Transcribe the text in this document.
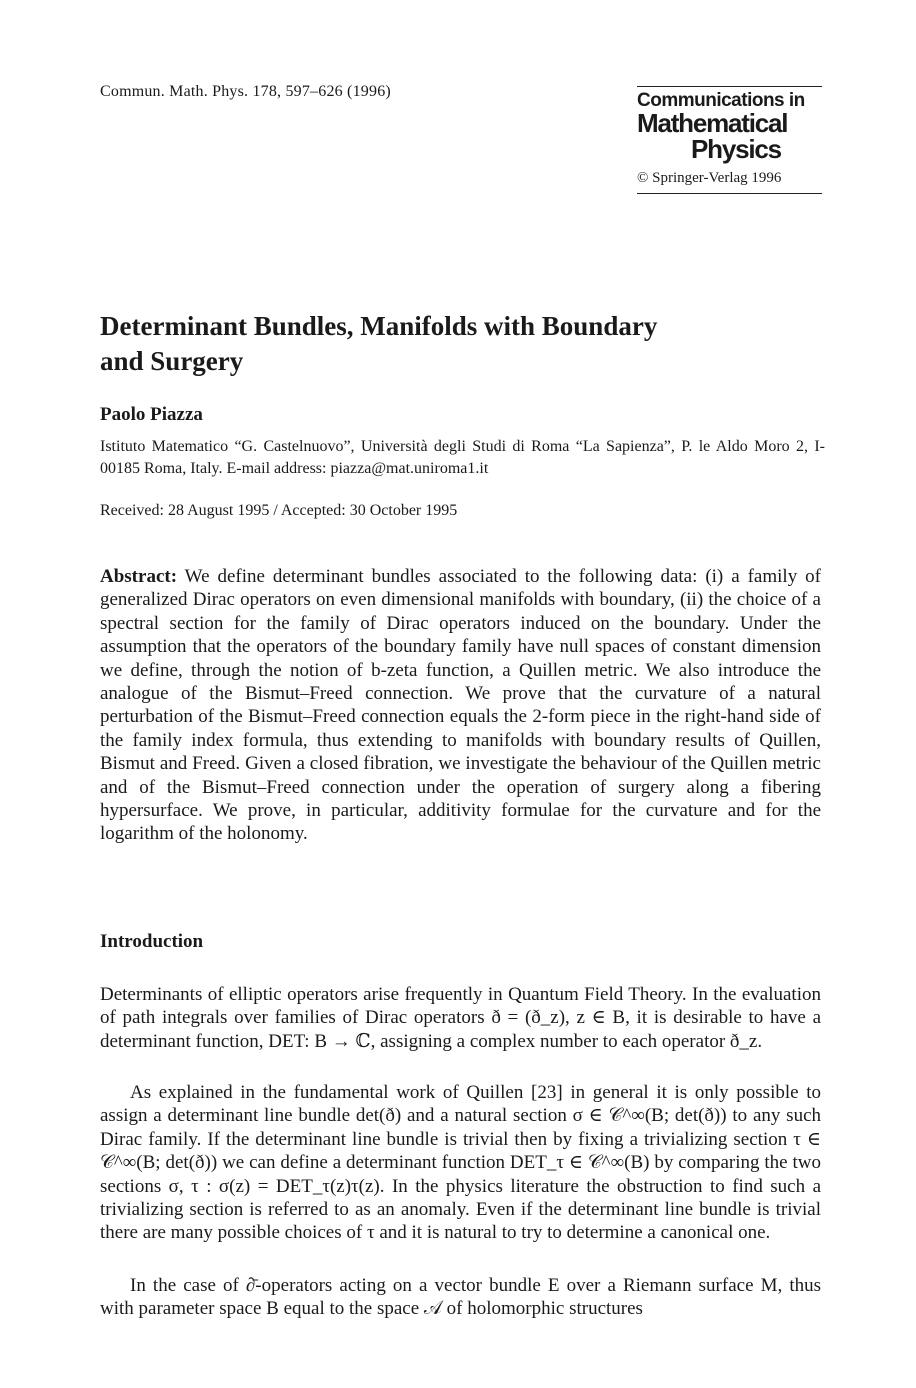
Commun. Math. Phys. 178, 597–626 (1996)	Communications in
Mathematical
Physics
© Springer-Verlag 1996
Determinant Bundles, Manifolds with Boundary
and Surgery
Paolo Piazza
Istituto Matematico “G. Castelnuovo”, Università degli Studi di Roma “La Sapienza”, P. le Aldo Moro 2, I-00185 Roma, Italy. E-mail address: piazza@mat.uniroma1.it
Received: 28 August 1995 / Accepted: 30 October 1995
Abstract: We define determinant bundles associated to the following data: (i) a family of generalized Dirac operators on even dimensional manifolds with boundary, (ii) the choice of a spectral section for the family of Dirac operators induced on the boundary. Under the assumption that the operators of the boundary family have null spaces of constant dimension we define, through the notion of b-zeta function, a Quillen metric. We also introduce the analogue of the Bismut–Freed connection. We prove that the curvature of a natural perturbation of the Bismut–Freed connection equals the 2-form piece in the right-hand side of the family index formula, thus extending to manifolds with boundary results of Quillen, Bismut and Freed. Given a closed fibration, we investigate the behaviour of the Quillen metric and of the Bismut–Freed connection under the operation of surgery along a fibering hypersurface. We prove, in particular, additivity formulae for the curvature and for the logarithm of the holonomy.
Introduction

Determinants of elliptic operators arise frequently in Quantum Field Theory. In the evaluation of path integrals over families of Dirac operators ð = (ð_z), z ∈ B, it is desirable to have a determinant function, DET: B → ℂ, assigning a complex number to each operator ð_z.

As explained in the fundamental work of Quillen [23] in general it is only possible to assign a determinant line bundle det(ð) and a natural section σ ∈ 𝒞^∞(B; det(ð)) to any such Dirac family. If the determinant line bundle is trivial then by fixing a trivializing section τ ∈ 𝒞^∞(B; det(ð)) we can define a determinant function DET_τ ∈ 𝒞^∞(B) by comparing the two sections σ, τ : σ(z) = DET_τ(z)τ(z). In the physics literature the obstruction to find such a trivializing section is referred to as an anomaly. Even if the determinant line bundle is trivial there are many possible choices of τ and it is natural to try to determine a canonical one.

In the case of ∂̄-operators acting on a vector bundle E over a Riemann surface M, thus with parameter space B equal to the space 𝒜 of holomorphic structures
